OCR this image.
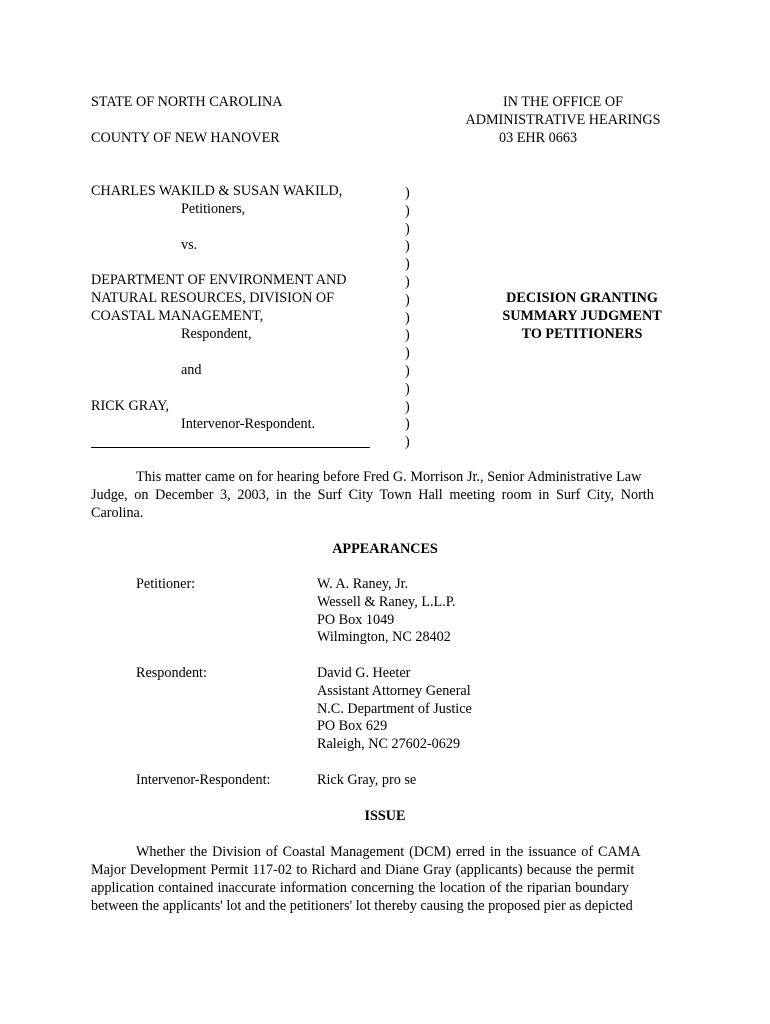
STATE OF NORTH CAROLINA
COUNTY OF NEW HANOVER
IN THE OFFICE OF
ADMINISTRATIVE HEARINGS
03 EHR 0663
CHARLES WAKILD & SUSAN WAKILD,
Petitioners,
vs.
DEPARTMENT OF ENVIRONMENT AND
NATURAL RESOURCES, DIVISION OF
COASTAL MANAGEMENT,
Respondent,
and
RICK GRAY,
Intervenor-Respondent.
)
)
)
)
)
)
)
)
)
)
)
)
)
)
)
DECISION GRANTING
SUMMARY JUDGMENT
TO PETITIONERS
This matter came on for hearing before Fred G. Morrison Jr., Senior Administrative Law
Judge, on December 3, 2003, in the Surf City Town Hall meeting room in Surf City, North
Carolina.
APPEARANCES
Petitioner:	W. A. Raney, Jr.
Wessell & Raney, L.L.P.
PO Box 1049
Wilmington, NC 28402
Respondent:	David G. Heeter
Assistant Attorney General
N.C. Department of Justice
PO Box 629
Raleigh, NC 27602-0629
Intervenor-Respondent:	Rick Gray, pro se
ISSUE
Whether the Division of Coastal Management (DCM) erred in the issuance of CAMA
Major Development Permit 117-02 to Richard and Diane Gray (applicants) because the permit
application contained inaccurate information concerning the location of the riparian boundary
between the applicants' lot and the petitioners' lot thereby causing the proposed pier as depicted
